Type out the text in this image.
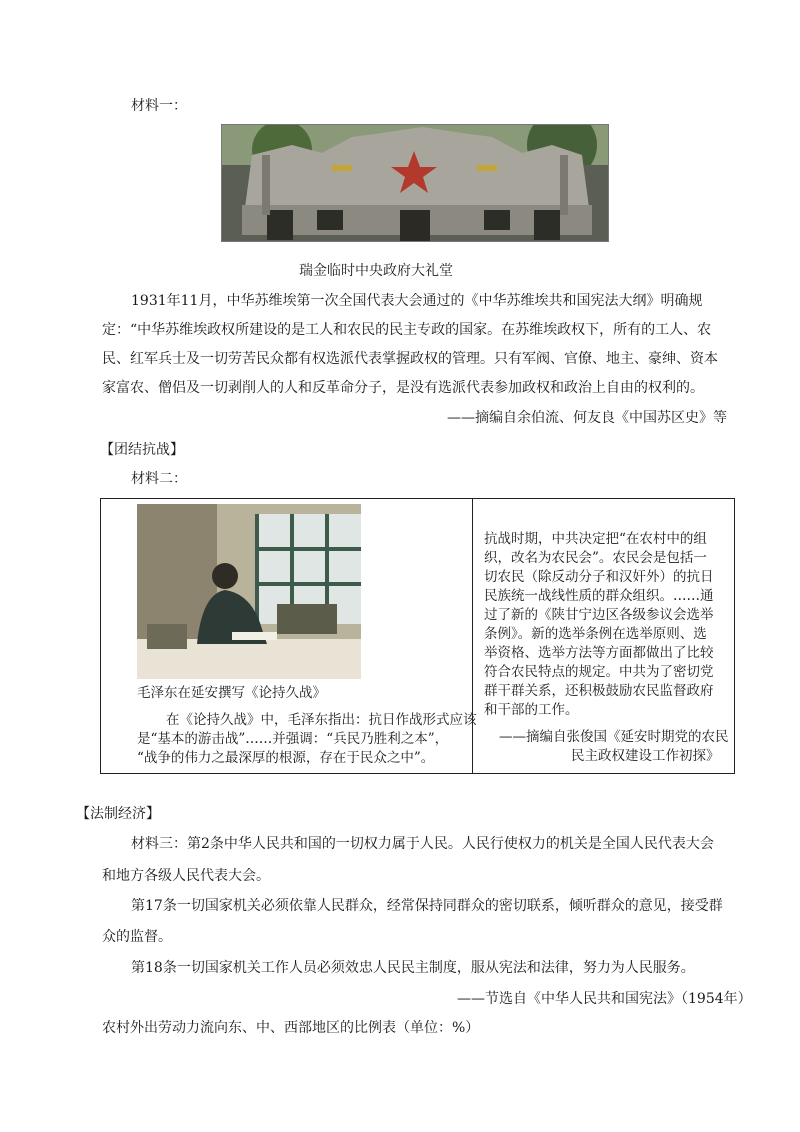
材料一：
瑞金临时中央政府大礼堂
1931年11月，中华苏维埃第一次全国代表大会通过的《中华苏维埃共和国宪法大纲》明确规
定：“中华苏维埃政权所建设的是工人和农民的民主专政的国家。在苏维埃政权下，所有的工人、农
民、红军兵士及一切劳苦民众都有权选派代表掌握政权的管理。只有军阀、官僚、地主、豪绅、资本
家富农、僧侣及一切剥削人的人和反革命分子，是没有选派代表参加政权和政治上自由的权利的。
——摘编自余伯流、何友良《中国苏区史》等
【团结抗战】
材料二：
毛泽东在延安撰写《论持久战》
在《论持久战》中，毛泽东指出：抗日作战形式应该
是“基本的游击战”……并强调：“兵民乃胜利之本”，
“战争的伟力之最深厚的根源，存在于民众之中”。
抗战时期，中共决定把“在农村中的组
织，改名为农民会”。农民会是包括一
切农民（除反动分子和汉奸外）的抗日
民族统一战线性质的群众组织。……通
过了新的《陕甘宁边区各级参议会选举
条例》。新的选举条例在选举原则、选
举资格、选举方法等方面都做出了比较
符合农民特点的规定。中共为了密切党
群干群关系，还积极鼓励农民监督政府
和干部的工作。
——摘编自张俊国《延安时期党的农民
民主政权建设工作初探》
【法制经济】
材料三：第2条中华人民共和国的一切权力属于人民。人民行使权力的机关是全国人民代表大会
和地方各级人民代表大会。
第17条一切国家机关必须依靠人民群众，经常保持同群众的密切联系，倾听群众的意见，接受群
众的监督。
第18条一切国家机关工作人员必须效忠人民民主制度，服从宪法和法律，努力为人民服务。
——节选自《中华人民共和国宪法》（1954年）
农村外出劳动力流向东、中、西部地区的比例表（单位：%）
